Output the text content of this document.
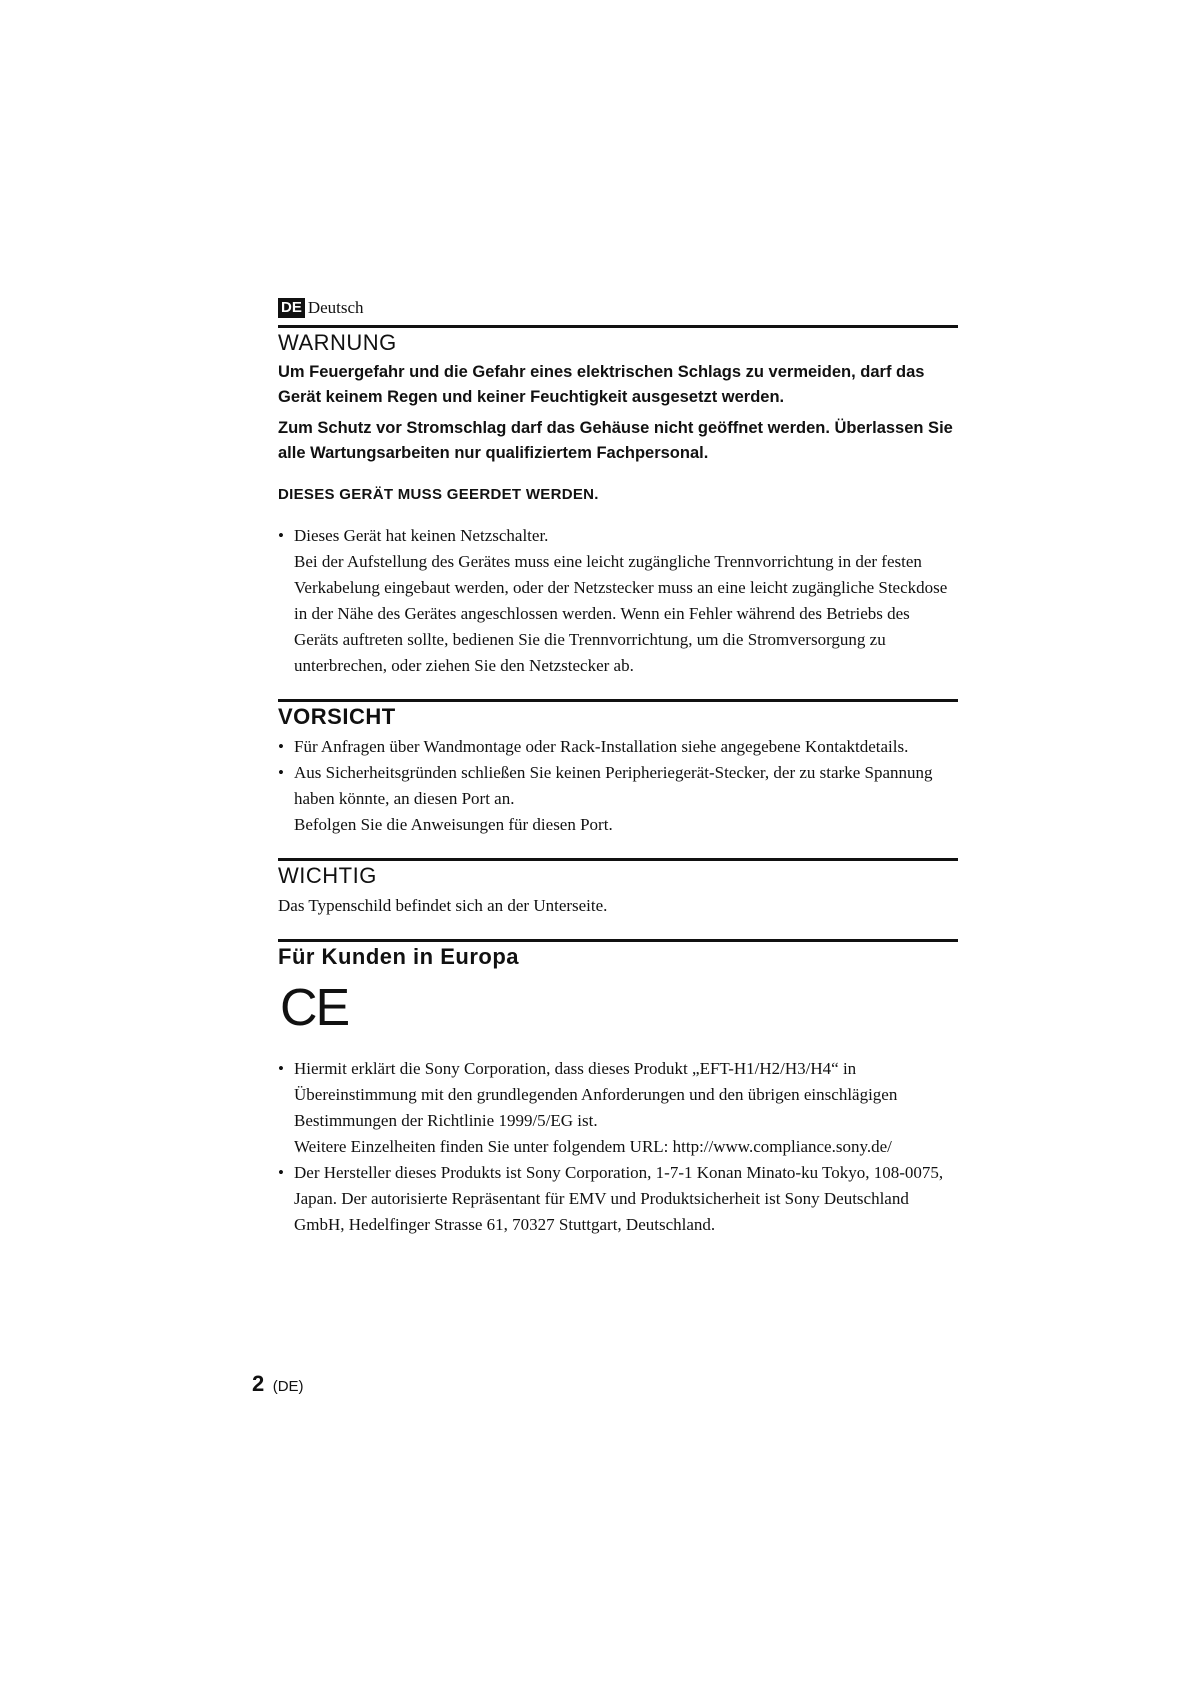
DE Deutsch
WARNUNG

Um Feuergefahr und die Gefahr eines elektrischen Schlags zu vermeiden, darf das Gerät keinem Regen und keiner Feuchtigkeit ausgesetzt werden.

Zum Schutz vor Stromschlag darf das Gehäuse nicht geöffnet werden. Überlassen Sie alle Wartungsarbeiten nur qualifiziertem Fachpersonal.

DIESES GERÄT MUSS GEERDET WERDEN.

• Dieses Gerät hat keinen Netzschalter.

Bei der Aufstellung des Gerätes muss eine leicht zugängliche Trennvorrichtung in der festen Verkabelung eingebaut werden, oder der Netzstecker muss an eine leicht zugängliche Steckdose in der Nähe des Gerätes angeschlossen werden. Wenn ein Fehler während des Betriebs des Geräts auftreten sollte, bedienen Sie die Trennvorrichtung, um die Stromversorgung zu unterbrechen, oder ziehen Sie den Netzstecker ab.

VORSICHT

• Für Anfragen über Wandmontage oder Rack-Installation siehe angegebene Kontaktdetails.

• Aus Sicherheitsgründen schließen Sie keinen Peripheriegerät-Stecker, der zu starke Spannung haben könnte, an diesen Port an.

Befolgen Sie die Anweisungen für diesen Port.

WICHTIG

Das Typenschild befindet sich an der Unterseite.

Für Kunden in Europa
CE

• Hiermit erklärt die Sony Corporation, dass dieses Produkt „EFT-H1/H2/H3/H4“ in Übereinstimmung mit den grundlegenden Anforderungen und den übrigen einschlägigen Bestimmungen der Richtlinie 1999/5/EG ist.

Weitere Einzelheiten finden Sie unter folgendem URL: http://www.compliance.sony.de/

• Der Hersteller dieses Produkts ist Sony Corporation, 1-7-1 Konan Minato-ku Tokyo, 108-0075, Japan. Der autorisierte Repräsentant für EMV und Produktsicherheit ist Sony Deutschland GmbH, Hedelfinger Strasse 61, 70327 Stuttgart, Deutschland.

2 (DE)
